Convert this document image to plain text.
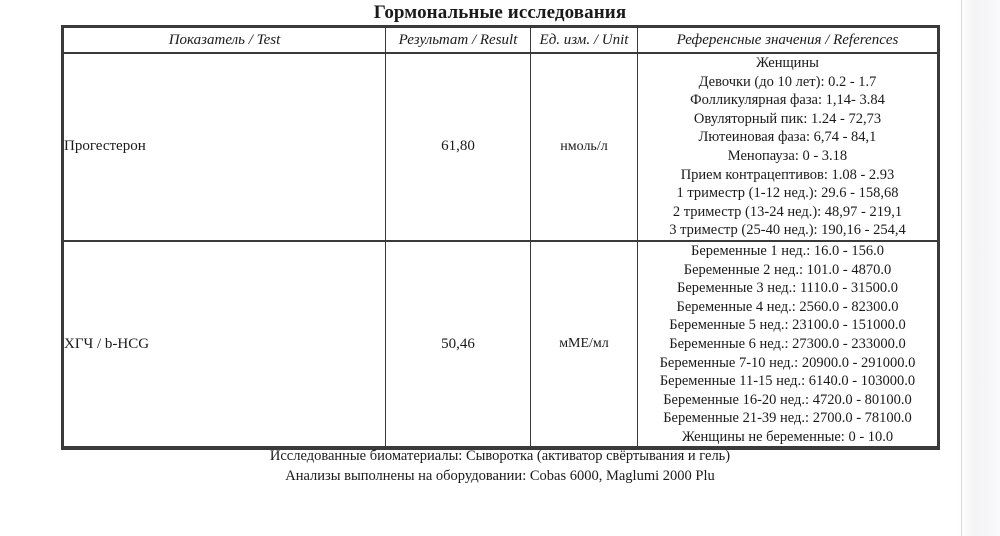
Гормональные исследования
Показатель / Test	Результат / Result	Ед. изм. / Unit	Референсные значения / References
Прогестерон	61,80	нмоль/л	
Женщины
Девочки (до 10 лет): 0.2 - 1.7
Фолликулярная фаза: 1,14- 3.84
Овуляторный пик: 1.24 - 72,73
Лютеиновая фаза: 6,74 - 84,1
Менопауза: 0 - 3.18
Прием контрацептивов: 1.08 - 2.93
1 триместр (1-12 нед.): 29.6 - 158,68
2 триместр (13-24 нед.): 48,97 - 219,1
3 триместр (25-40 нед.): 190,16 - 254,4

ХГЧ / b-HCG	50,46	мМЕ/мл	
Беременные 1 нед.: 16.0 - 156.0
Беременные 2 нед.: 101.0 - 4870.0
Беременные 3 нед.: 1110.0 - 31500.0
Беременные 4 нед.: 2560.0 - 82300.0
Беременные 5 нед.: 23100.0 - 151000.0
Беременные 6 нед.: 27300.0 - 233000.0
Беременные 7-10 нед.: 20900.0 - 291000.0
Беременные 11-15 нед.: 6140.0 - 103000.0
Беременные 16-20 нед.: 4720.0 - 80100.0
Беременные 21-39 нед.: 2700.0 - 78100.0
Женщины не беременные: 0 - 10.0
Исследованные биоматериалы: Сыворотка (активатор свёртывания и гель)
Анализы выполнены на оборудовании: Cobas 6000, Maglumi 2000 Plu
